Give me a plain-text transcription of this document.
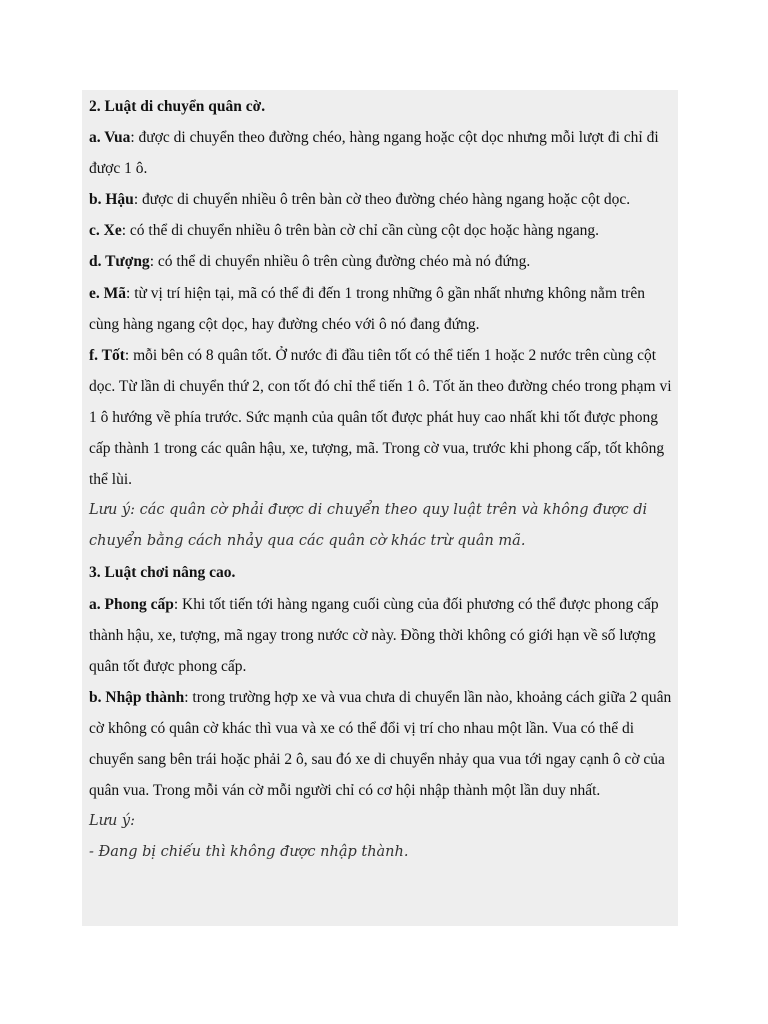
2. Luật di chuyển quân cờ.

a. Vua: được di chuyển theo đường chéo, hàng ngang hoặc cột dọc nhưng mỗi lượt đi chỉ đi được 1 ô.

b. Hậu: được di chuyển nhiều ô trên bàn cờ theo đường chéo hàng ngang hoặc cột dọc.

c. Xe: có thể di chuyển nhiều ô trên bàn cờ chỉ cần cùng cột dọc hoặc hàng ngang.

d. Tượng: có thể di chuyển nhiều ô trên cùng đường chéo mà nó đứng.

e. Mã: từ vị trí hiện tại, mã có thể đi đến 1 trong những ô gần nhất nhưng không nằm trên cùng hàng ngang cột dọc, hay đường chéo với ô nó đang đứng.

f. Tốt: mỗi bên có 8 quân tốt. Ở nước đi đầu tiên tốt có thể tiến 1 hoặc 2 nước trên cùng cột dọc. Từ lần di chuyển thứ 2, con tốt đó chỉ thể tiến 1 ô. Tốt ăn theo đường chéo trong phạm vi 1 ô hướng về phía trước. Sức mạnh của quân tốt được phát huy cao nhất khi tốt được phong cấp thành 1 trong các quân hậu, xe, tượng, mã. Trong cờ vua, trước khi phong cấp, tốt không thể lùi.

Lưu ý: các quân cờ phải được di chuyển theo quy luật trên và không được di chuyển bằng cách nhảy qua các quân cờ khác trừ quân mã.

3. Luật chơi nâng cao.

a. Phong cấp: Khi tốt tiến tới hàng ngang cuối cùng của đối phương có thể được phong cấp thành hậu, xe, tượng, mã ngay trong nước cờ này. Đồng thời không có giới hạn về số lượng quân tốt được phong cấp.

b. Nhập thành: trong trường hợp xe và vua chưa di chuyển lần nào, khoảng cách giữa 2 quân cờ không có quân cờ khác thì vua và xe có thể đổi vị trí cho nhau một lần. Vua có thể di chuyển sang bên trái hoặc phải 2 ô, sau đó xe di chuyển nhảy qua vua tới ngay cạnh ô cờ của quân vua. Trong mỗi ván cờ mỗi người chỉ có cơ hội nhập thành một lần duy nhất.

Lưu ý:

- Đang bị chiếu thì không được nhập thành.
